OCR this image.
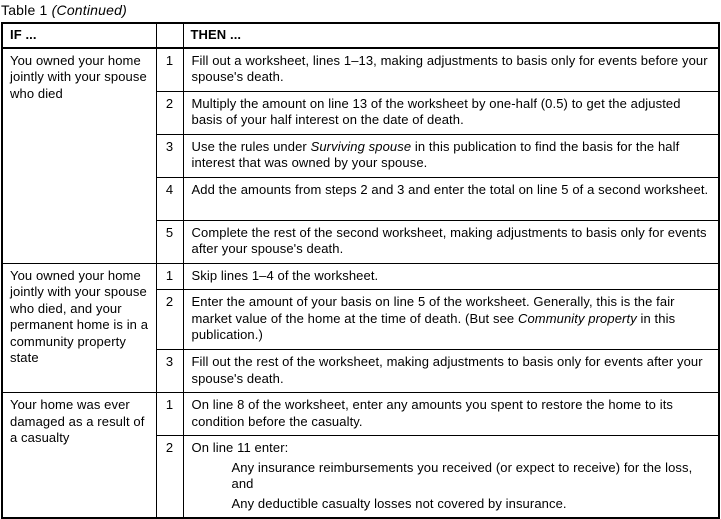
Table 1 (Continued)
IF ...		THEN ...
You owned your home jointly with your spouse who died	1	Fill out a worksheet, lines 1–13, making adjustments to basis only for events before your spouse's death.
	2	Multiply the amount on line 13 of the worksheet by one-half (0.5) to get the adjusted basis of your half interest on the date of death.
	3	Use the rules under Surviving spouse in this publication to find the basis for the half interest that was owned by your spouse.
	4	Add the amounts from steps 2 and 3 and enter the total on line 5 of a second worksheet.
	5	Complete the rest of the second worksheet, making adjustments to basis only for events after your spouse's death.
You owned your home jointly with your spouse who died, and your permanent home is in a community property state	1	Skip lines 1–4 of the worksheet.
	2	Enter the amount of your basis on line 5 of the worksheet. Generally, this is the fair market value of the home at the time of death. (But see Community property in this publication.)
	3	Fill out the rest of the worksheet, making adjustments to basis only for events after your spouse's death.
Your home was ever damaged as a result of a casualty	1	On line 8 of the worksheet, enter any amounts you spent to restore the home to its condition before the casualty.
	2	On line 11 enter:
Any insurance reimbursements you received (or expect to receive) for the loss, and
Any deductible casualty losses not covered by insurance.
